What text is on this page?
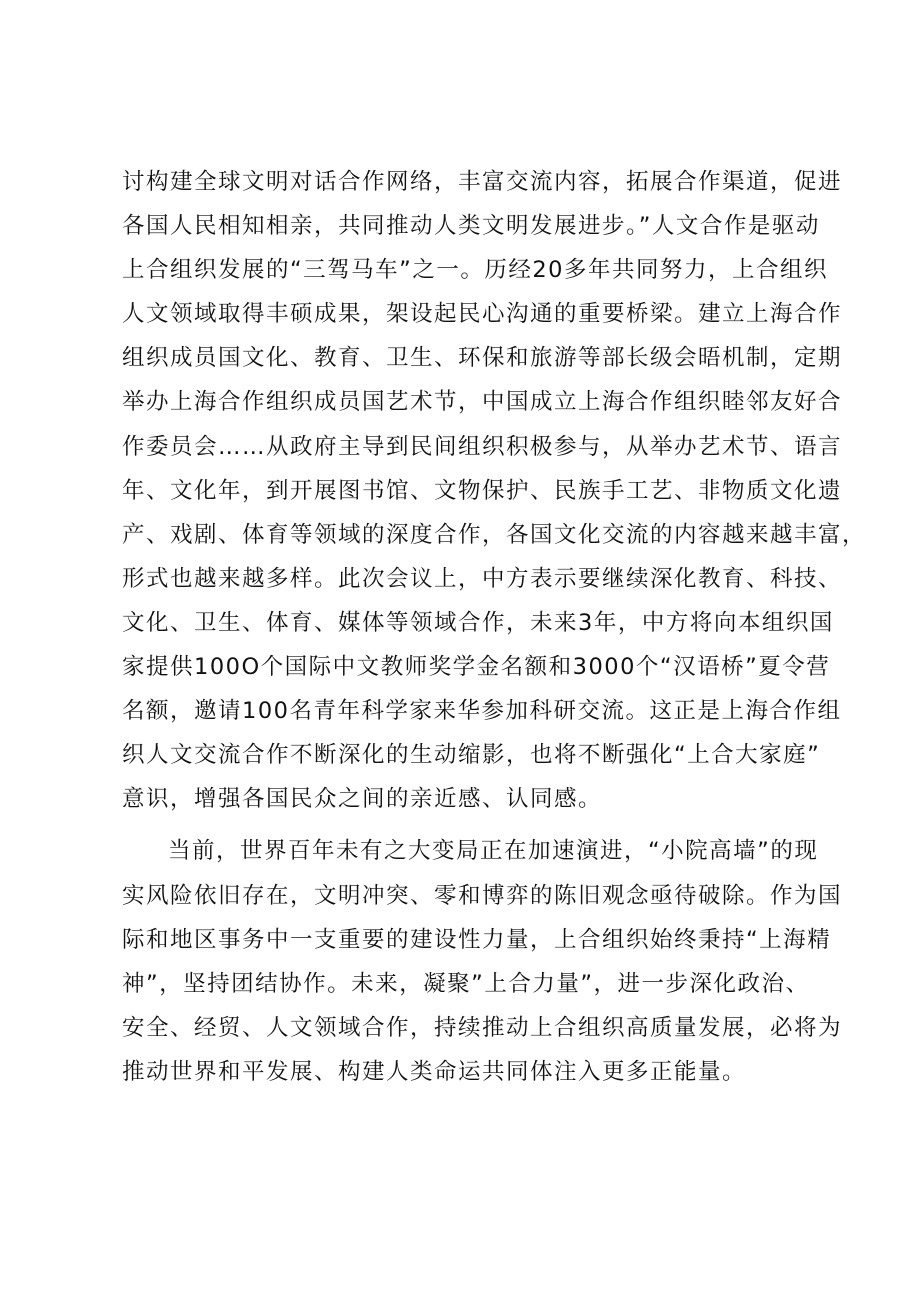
讨构建全球文明对话合作网络，丰富交流内容，拓展合作渠道，促进
各国人民相知相亲，共同推动人类文明发展进步。”人文合作是驱动
上合组织发展的“三驾马车”之一。历经20多年共同努力，上合组织
人文领域取得丰硕成果，架设起民心沟通的重要桥梁。建立上海合作
组织成员国文化、教育、卫生、环保和旅游等部长级会晤机制，定期
举办上海合作组织成员国艺术节，中国成立上海合作组织睦邻友好合
作委员会……从政府主导到民间组织积极参与，从举办艺术节、语言
年、文化年，到开展图书馆、文物保护、民族手工艺、非物质文化遗
产、戏剧、体育等领域的深度合作，各国文化交流的内容越来越丰富，
形式也越来越多样。此次会议上，中方表示要继续深化教育、科技、
文化、卫生、体育、媒体等领域合作，未来3年，中方将向本组织国
家提供100O个国际中文教师奖学金名额和3000个“汉语桥”夏令营
名额，邀请100名青年科学家来华参加科研交流。这正是上海合作组
织人文交流合作不断深化的生动缩影，也将不断强化“上合大家庭”
意识，增强各国民众之间的亲近感、认同感。
当前，世界百年未有之大变局正在加速演进，“小院高墙”的现
实风险依旧存在，文明冲突、零和博弈的陈旧观念亟待破除。作为国
际和地区事务中一支重要的建设性力量，上合组织始终秉持“上海精
神”，坚持团结协作。未来，凝聚”上合力量”，进一步深化政治、
安全、经贸、人文领域合作，持续推动上合组织高质量发展，必将为
推动世界和平发展、构建人类命运共同体注入更多正能量。
